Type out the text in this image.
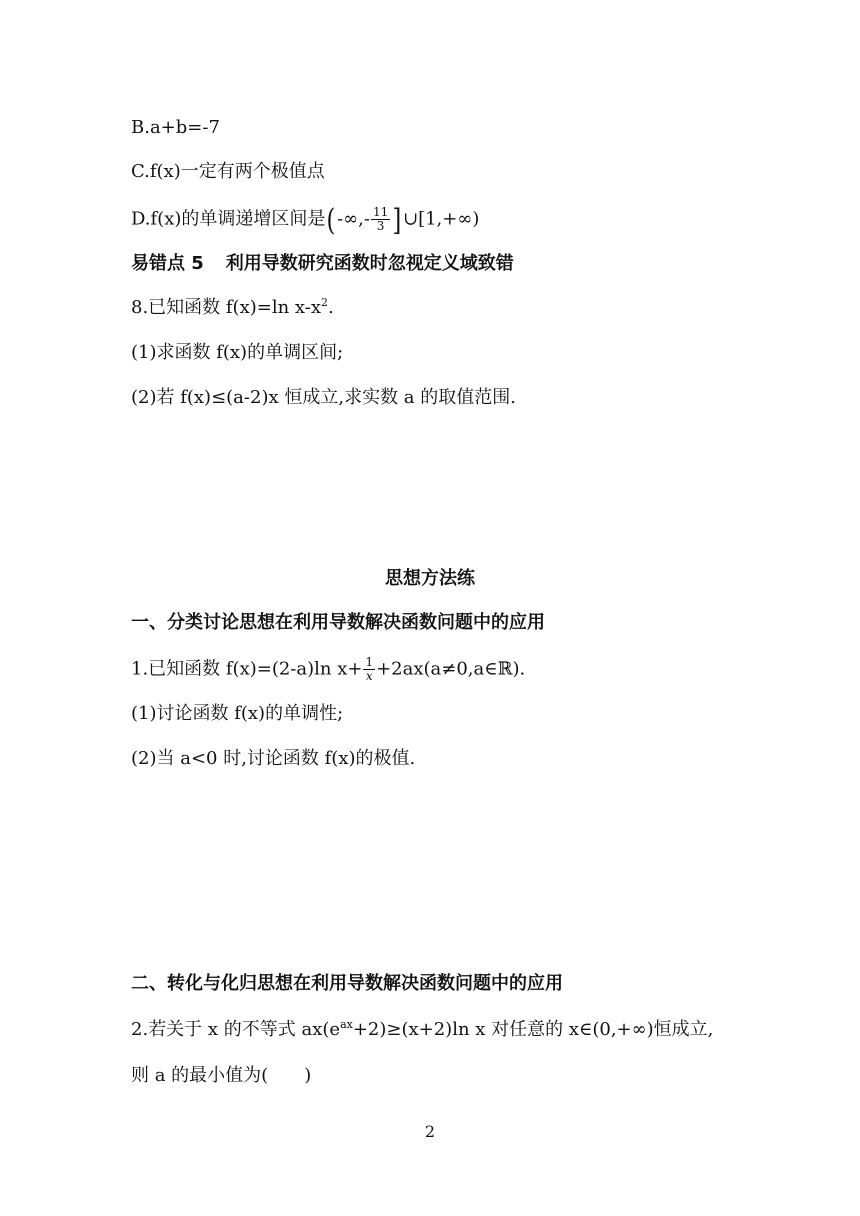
B.a+b=-7
C.f(x)一定有两个极值点
D.f(x)的单调递增区间是(-∞,- $\frac{11}{3}$ ]∪[1,+∞)
易错点 5 利用导数研究函数时忽视定义域致错
8.已知函数 f(x)=ln $x-x^2$.
(1)求函数 f(x)的单调区间;
(2)若 f(x)≤(a-2)x 恒成立,求实数 a 的取值范围.
思想方法练
一、分类讨论思想在利用导数解决函数问题中的应用
1.已知函数 f(x)=(2-a)ln $x+ \frac{1}{x}$ +2ax(a≠0,a∈ℝ).
(1)讨论函数 f(x)的单调性;
(2)当 a<0 时,讨论函数 f(x)的极值.
二、转化与化归思想在利用导数解决函数问题中的应用
2.若关于 x 的不等式 $ax(e^{ax}+2)\ge(x+2)\ln$ x 对任意的 x∈(0,+∞)恒成立,
则 a 的最小值为(　　)
2
